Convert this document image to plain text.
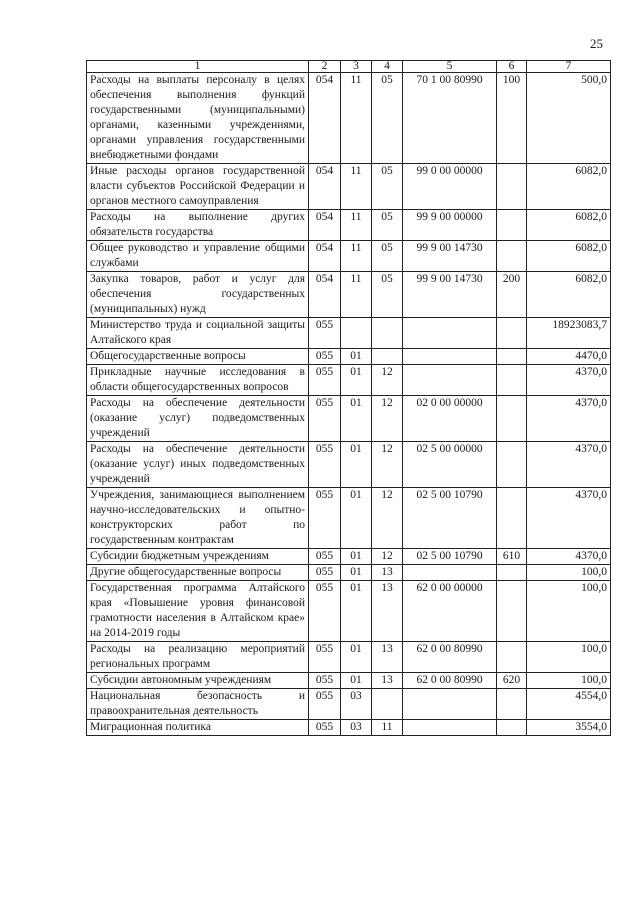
25
1	2	3	4	5	6	7
Расходы на выплаты персоналу в целях обеспечения выполнения функций государственными (муниципальными) органами, казенными учреждениями, органами управления государственными внебюджетными фондами	054	11	05	70 1 00 80990	100	500,0
Иные расходы органов государственной власти субъектов Российской Федерации и органов местного самоуправления	054	11	05	99 0 00 00000		6082,0
Расходы на выполнение других обязательств государства	054	11	05	99 9 00 00000		6082,0
Общее руководство и управление общими службами	054	11	05	99 9 00 14730		6082,0
Закупка товаров, работ и услуг для обеспечения государственных (муниципальных) нужд	054	11	05	99 9 00 14730	200	6082,0
Министерство труда и социальной защиты Алтайского края	055					18923083,7
Общегосударственные вопросы	055	01				4470,0
Прикладные научные исследования в области общегосударственных вопросов	055	01	12			4370,0
Расходы на обеспечение деятельности (оказание услуг) подведомственных учреждений	055	01	12	02 0 00 00000		4370,0
Расходы на обеспечение деятельности (оказание услуг) иных подведомственных учреждений	055	01	12	02 5 00 00000		4370,0
Учреждения, занимающиеся выполнением научно-исследовательских и опытно-конструкторских работ по государственным контрактам	055	01	12	02 5 00 10790		4370,0
Субсидии бюджетным учреждениям	055	01	12	02 5 00 10790	610	4370,0
Другие общегосударственные вопросы	055	01	13			100,0
Государственная программа Алтайского края «Повышение уровня финансовой грамотности населения в Алтайском крае» на 2014-2019 годы	055	01	13	62 0 00 00000		100,0
Расходы на реализацию мероприятий региональных программ	055	01	13	62 0 00 80990		100,0
Субсидии автономным учреждениям	055	01	13	62 0 00 80990	620	100,0
Национальная безопасность и правоохранительная деятельность	055	03				4554,0
Миграционная политика	055	03	11			3554,0
